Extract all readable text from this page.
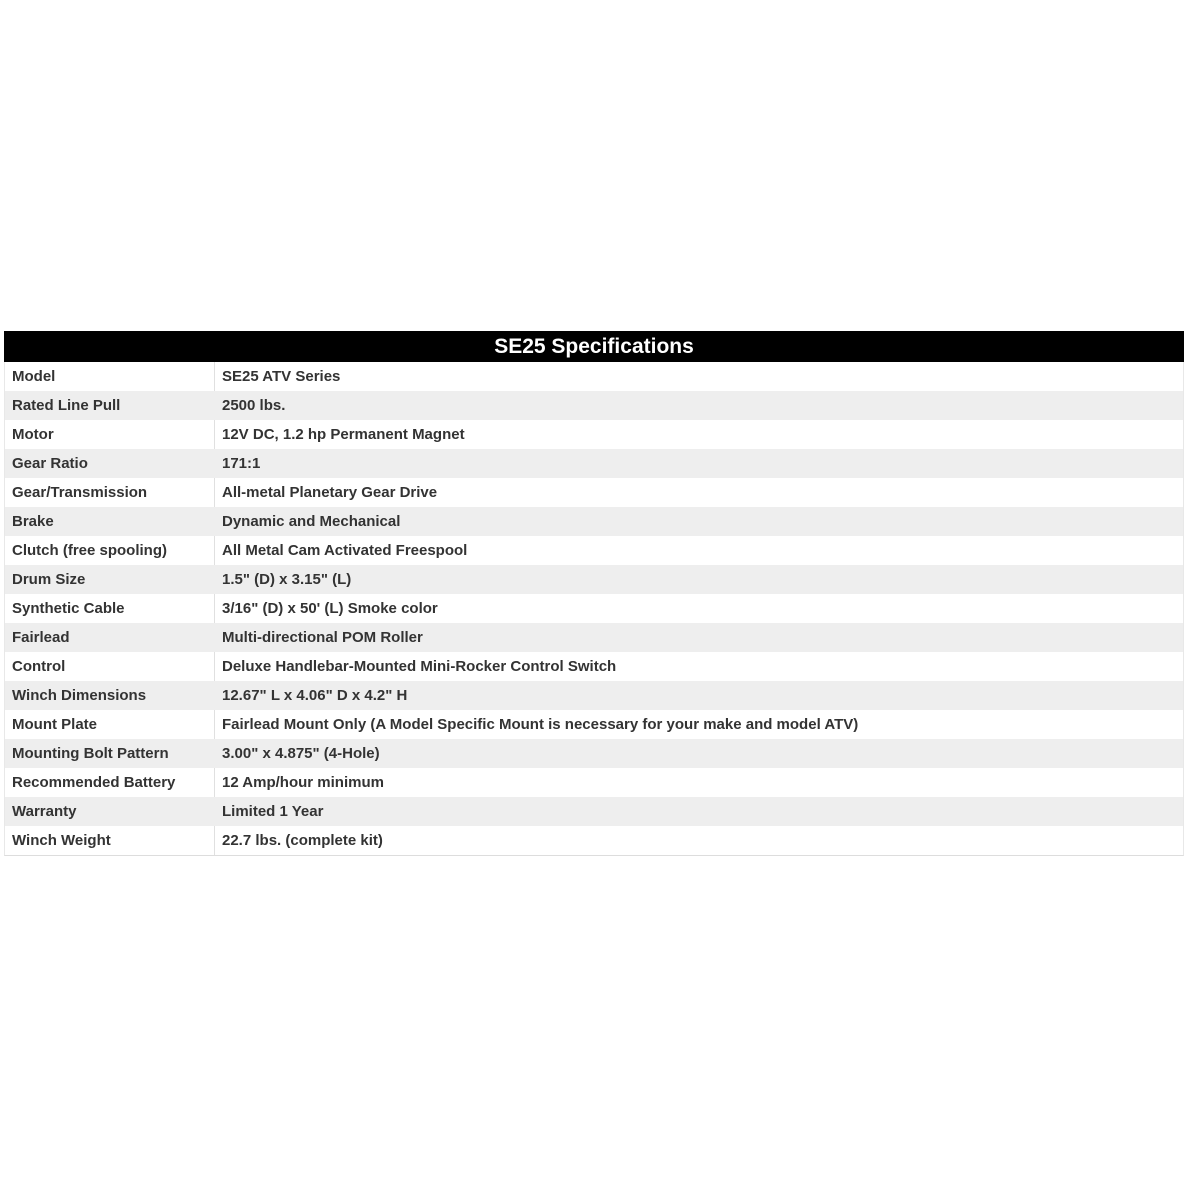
SE25 Specifications
Model	SE25 ATV Series
Rated Line Pull	2500 lbs.
Motor	12V DC, 1.2 hp Permanent Magnet
Gear Ratio	171:1
Gear/Transmission	All-metal Planetary Gear Drive
Brake	Dynamic and Mechanical
Clutch (free spooling)	All Metal Cam Activated Freespool
Drum Size	1.5" (D) x 3.15" (L)
Synthetic Cable	3/16" (D) x 50' (L) Smoke color
Fairlead	Multi-directional POM Roller
Control	Deluxe Handlebar-Mounted Mini-Rocker Control Switch
Winch Dimensions	12.67" L x 4.06" D x 4.2" H
Mount Plate	Fairlead Mount Only (A Model Specific Mount is necessary for your make and model ATV)
Mounting Bolt Pattern	3.00" x 4.875" (4-Hole)
Recommended Battery	12 Amp/hour minimum
Warranty	Limited 1 Year
Winch Weight	22.7 lbs. (complete kit)
